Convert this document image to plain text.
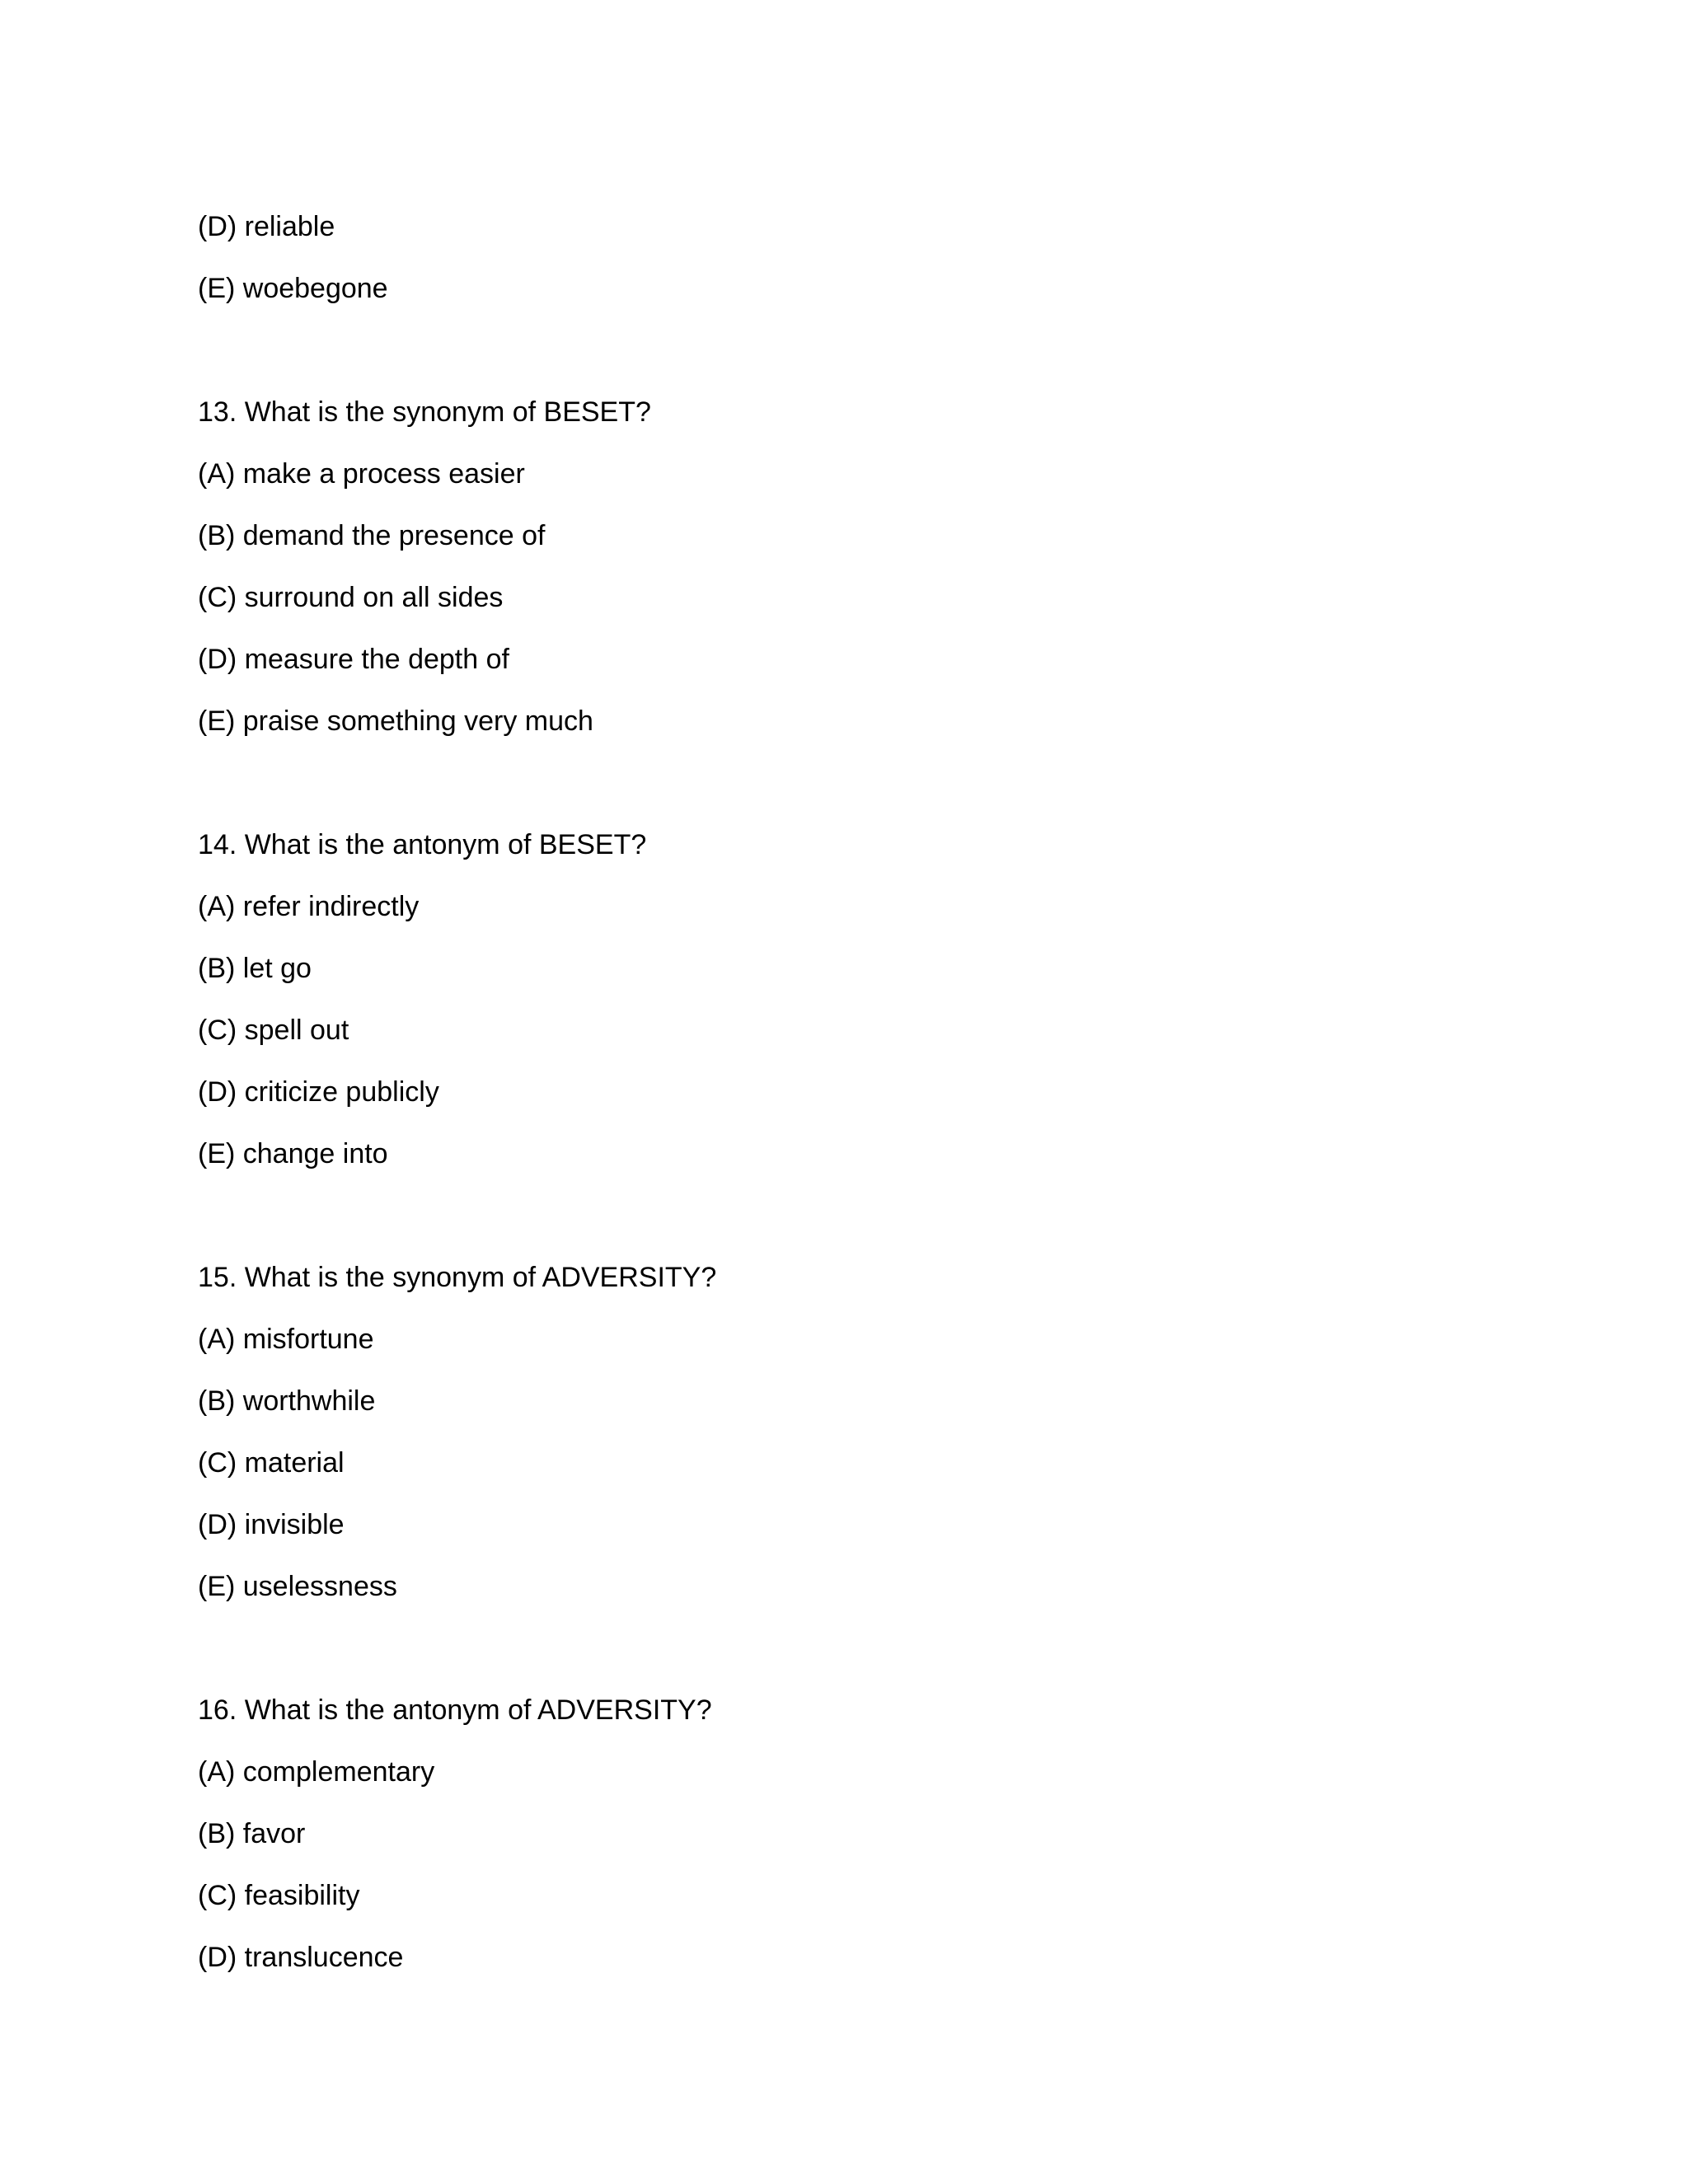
(D) reliable
(E) woebegone
13. What is the synonym of BESET?
(A) make a process easier
(B) demand the presence of
(C) surround on all sides
(D) measure the depth of
(E) praise something very much
14. What is the antonym of BESET?
(A) refer indirectly
(B) let go
(C) spell out
(D) criticize publicly
(E) change into
15. What is the synonym of ADVERSITY?
(A) misfortune
(B) worthwhile
(C) material
(D) invisible
(E) uselessness
16. What is the antonym of ADVERSITY?
(A) complementary
(B) favor
(C) feasibility
(D) translucence
